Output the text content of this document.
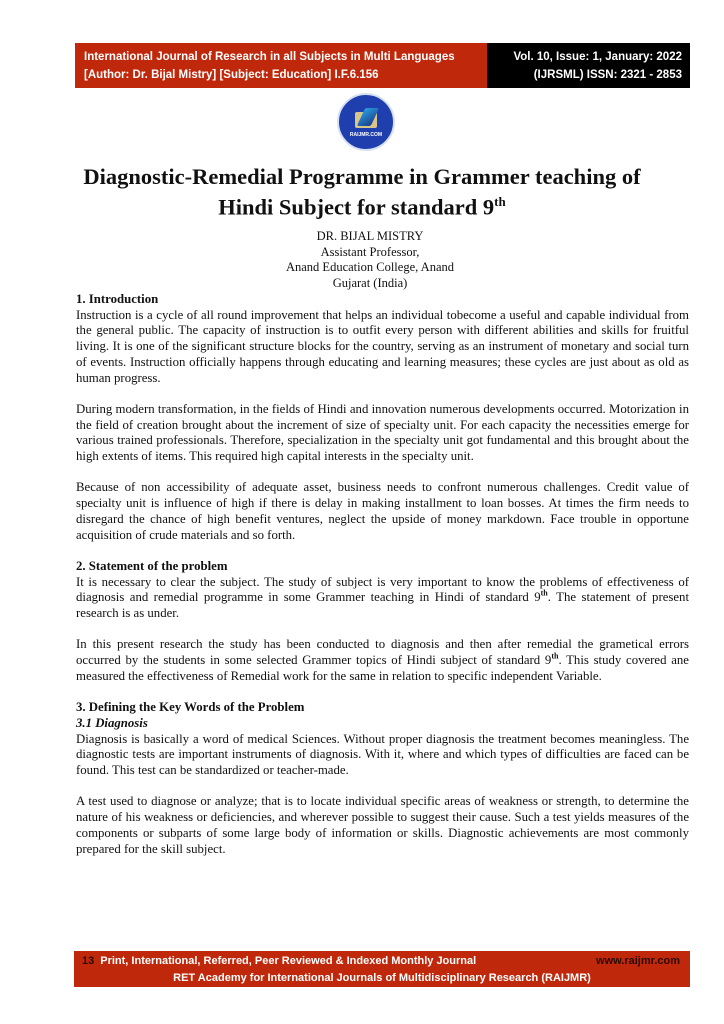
International Journal of Research in all Subjects in Multi Languages
[Author: Dr. Bijal Mistry] [Subject: Education] I.F.6.156
Vol. 10, Issue: 1, January: 2022
(IJRSML) ISSN: 2321 - 2853
RAIJMR.COM
Diagnostic-Remedial Programme in Grammer teaching of
Hindi Subject for standard 9th
DR. BIJAL MISTRY
Assistant Professor,
Anand Education College, Anand
Gujarat (India)
1. Introduction

Instruction is a cycle of all round improvement that helps an individual tobecome a useful and capable individual from the general public. The capacity of instruction is to outfit every person with different abilities and skills for fruitful living. It is one of the significant structure blocks for the country, serving as an instrument of monetary and social turn of events. Instruction officially happens through educating and learning measures; these cycles are just about as old as human progress.

During modern transformation, in the fields of Hindi and innovation numerous developments occurred. Motorization in the field of creation brought about the increment of size of specialty unit. For each capacity the necessities emerge for various trained professionals. Therefore, specialization in the specialty unit got fundamental and this brought about the high extents of items. This required high capital interests in the specialty unit.

Because of non accessibility of adequate asset, business needs to confront numerous challenges. Credit value of specialty unit is influence of high if there is delay in making installment to loan bosses. At times the firm needs to disregard the chance of high benefit ventures, neglect the upside of money markdown. Face trouble in opportune acquisition of crude materials and so forth.

2. Statement of the problem

It is necessary to clear the subject. The study of subject is very important to know the problems of effectiveness of diagnosis and remedial programme in some Grammer teaching in Hindi of standard 9th. The statement of present research is as under.

In this present research the study has been conducted to diagnosis and then after remedial the grametical errors occurred by the students in some selected Grammer topics of Hindi subject of standard 9th. This study covered ane measured the effectiveness of Remedial work for the same in relation to specific independent Variable.

3. Defining the Key Words of the Problem
3.1 Diagnosis

Diagnosis is basically a word of medical Sciences. Without proper diagnosis the treatment becomes meaningless. The diagnostic tests are important instruments of diagnosis. With it, where and which types of difficulties are faced can be found. This test can be standardized or teacher-made.

A test used to diagnose or analyze; that is to locate individual specific areas of weakness or strength, to determine the nature of his weakness or deficiencies, and wherever possible to suggest their cause. Such a test yields measures of the components or subparts of some large body of information or skills. Diagnostic achievements are most commonly prepared for the skill subject.

13 Print, International, Referred, Peer Reviewed & Indexed Monthly Journal	www.raijmr.com
RET Academy for International Journals of Multidisciplinary Research (RAIJMR)
